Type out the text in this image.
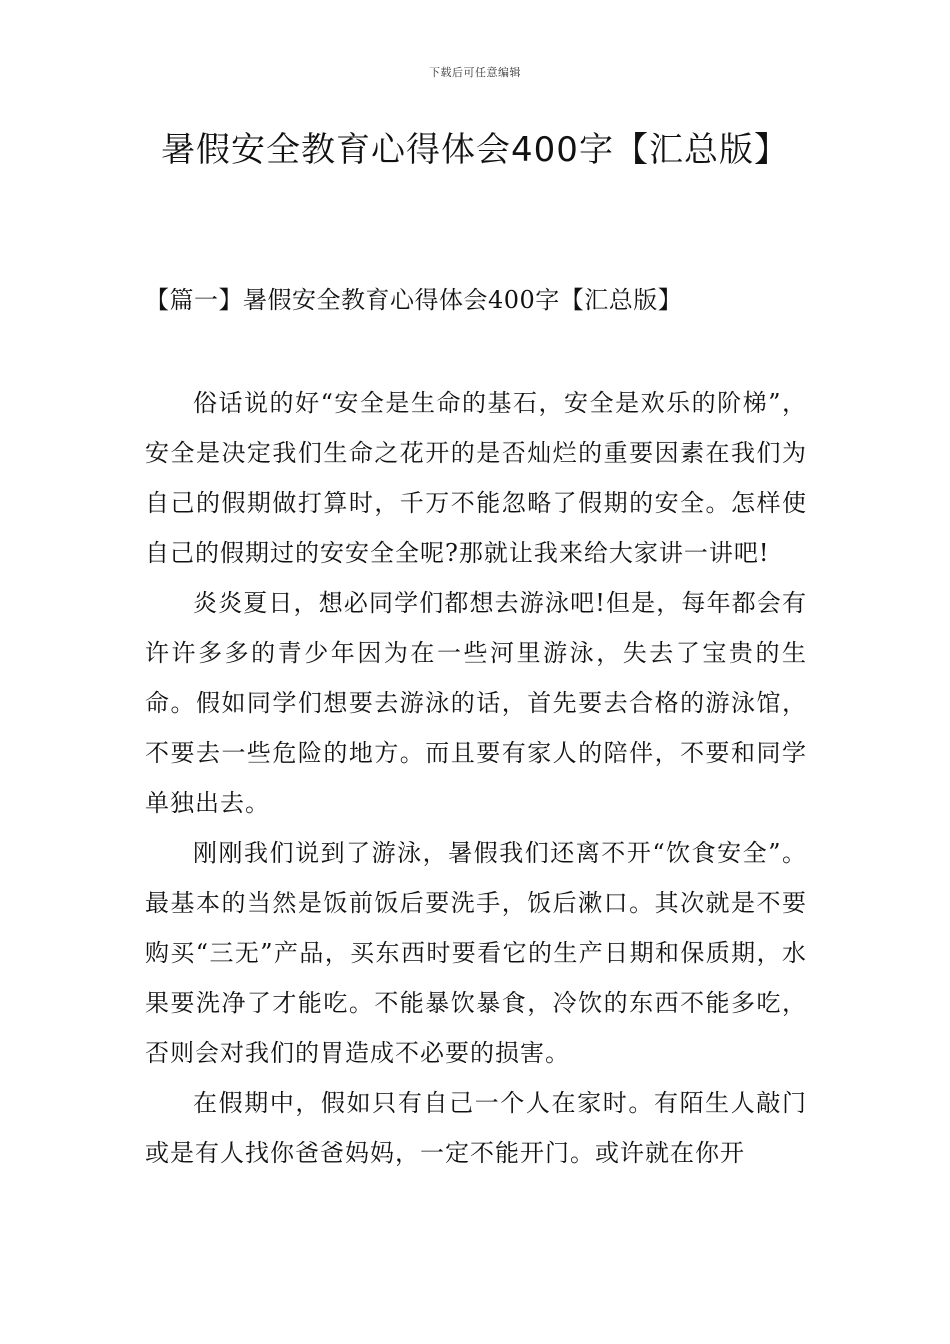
下载后可任意编辑
暑假安全教育心得体会400字【汇总版】
【篇一】暑假安全教育心得体会400字【汇总版】

俗话说的好“安全是生命的基石，安全是欢乐的阶梯”，安全是决定我们生命之花开的是否灿烂的重要因素在我们为自己的假期做打算时，千万不能忽略了假期的安全。怎样使自己的假期过的安安全全呢?那就让我来给大家讲一讲吧!

炎炎夏日，想必同学们都想去游泳吧!但是，每年都会有许许多多的青少年因为在一些河里游泳，失去了宝贵的生命。假如同学们想要去游泳的话，首先要去合格的游泳馆，不要去一些危险的地方。而且要有家人的陪伴，不要和同学单独出去。

刚刚我们说到了游泳，暑假我们还离不开“饮食安全”。最基本的当然是饭前饭后要洗手，饭后漱口。其次就是不要购买“三无”产品，买东西时要看它的生产日期和保质期，水果要洗净了才能吃。不能暴饮暴食，冷饮的东西不能多吃，否则会对我们的胃造成不必要的损害。

在假期中，假如只有自己一个人在家时。有陌生人敲门或是有人找你爸爸妈妈，一定不能开门。或许就在你开
